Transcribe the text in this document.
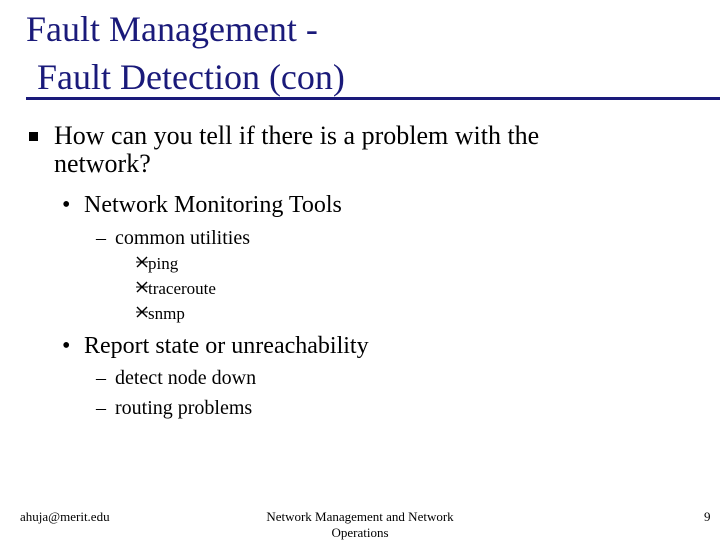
Fault Management -
Fault Detection (con)
How can you tell if there is a problem with the
network?
• Network Monitoring Tools
– common utilities
ping
traceroute
snmp
• Report state or unreachability
– detect node down
– routing problems
ahuja@merit.edu	Network Management and Network Operations
9
